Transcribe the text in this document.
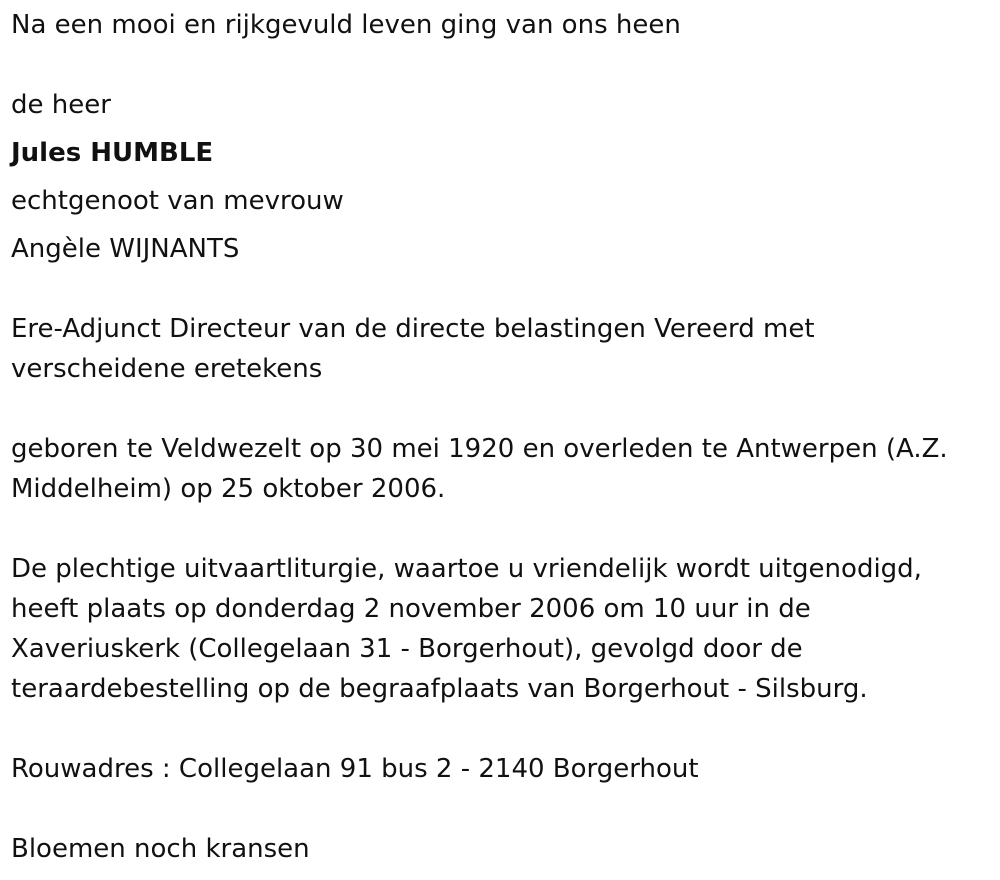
Na een mooi en rijkgevuld leven ging van ons heen
de heer
Jules HUMBLE
echtgenoot van mevrouw
Angèle WIJNANTS
Ere-Adjunct Directeur van de directe belastingen Vereerd met
verscheidene eretekens
geboren te Veldwezelt op 30 mei 1920 en overleden te Antwerpen (A.Z.
Middelheim) op 25 oktober 2006.
De plechtige uitvaartliturgie, waartoe u vriendelijk wordt uitgenodigd,
heeft plaats op donderdag 2 november 2006 om 10 uur in de
Xaveriuskerk (Collegelaan 31 - Borgerhout), gevolgd door de
teraardebestelling op de begraafplaats van Borgerhout - Silsburg.
Rouwadres : Collegelaan 91 bus 2 - 2140 Borgerhout
Bloemen noch kransen
